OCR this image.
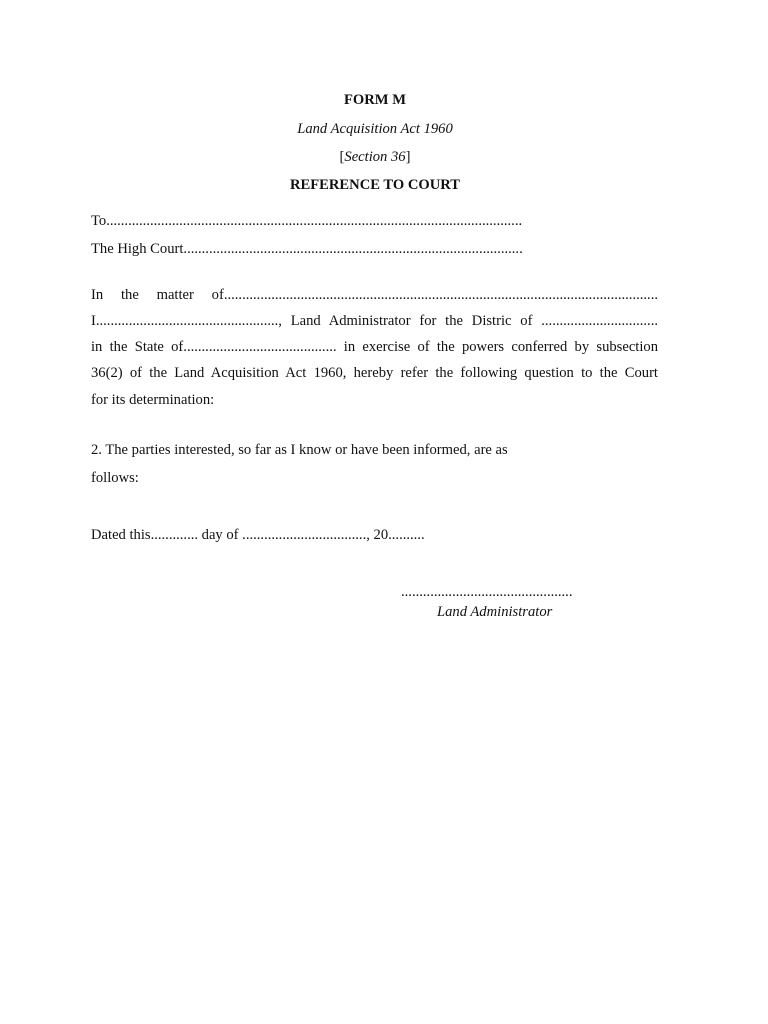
FORM M
Land Acquisition Act 1960
[Section 36]
REFERENCE TO COURT
To..................................................................................................................
The High Court.............................................................................................
In the matter of.......................................................................................................................
I.................................................., Land Administrator for the Distric of ................................
in the State of.......................................... in exercise of the powers conferred by subsection
36(2) of the Land Acquisition Act 1960, hereby refer the following question to the Court
for its determination:
2. The parties interested, so far as I know or have been informed, are as
follows:
Dated this............. day of .................................., 20..........
...............................................
Land Administrator
